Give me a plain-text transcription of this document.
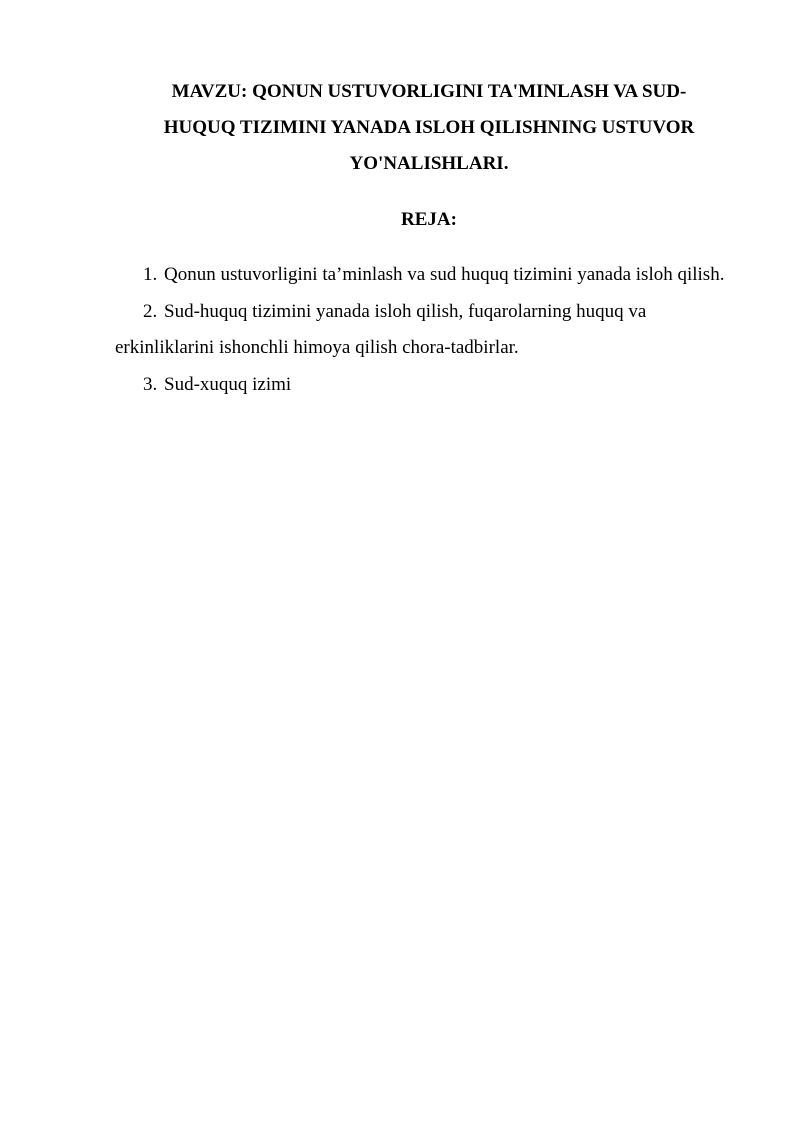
MAVZU: QONUN USTUVORLIGINI TA'MINLASH VA SUD-
HUQUQ TIZIMINI YANADA ISLOH QILISHNING USTUVOR
YO'NALISHLARI.
REJA:
1. Qonun ustuvorligini ta’minlash va sud huquq tizimini yanada isloh qilish.
2. Sud-huquq tizimini yanada isloh qilish, fuqarolarning huquq va erkinliklarini ishonchli himoya qilish chora-tadbirlar.
3. Sud-xuquq izimi
